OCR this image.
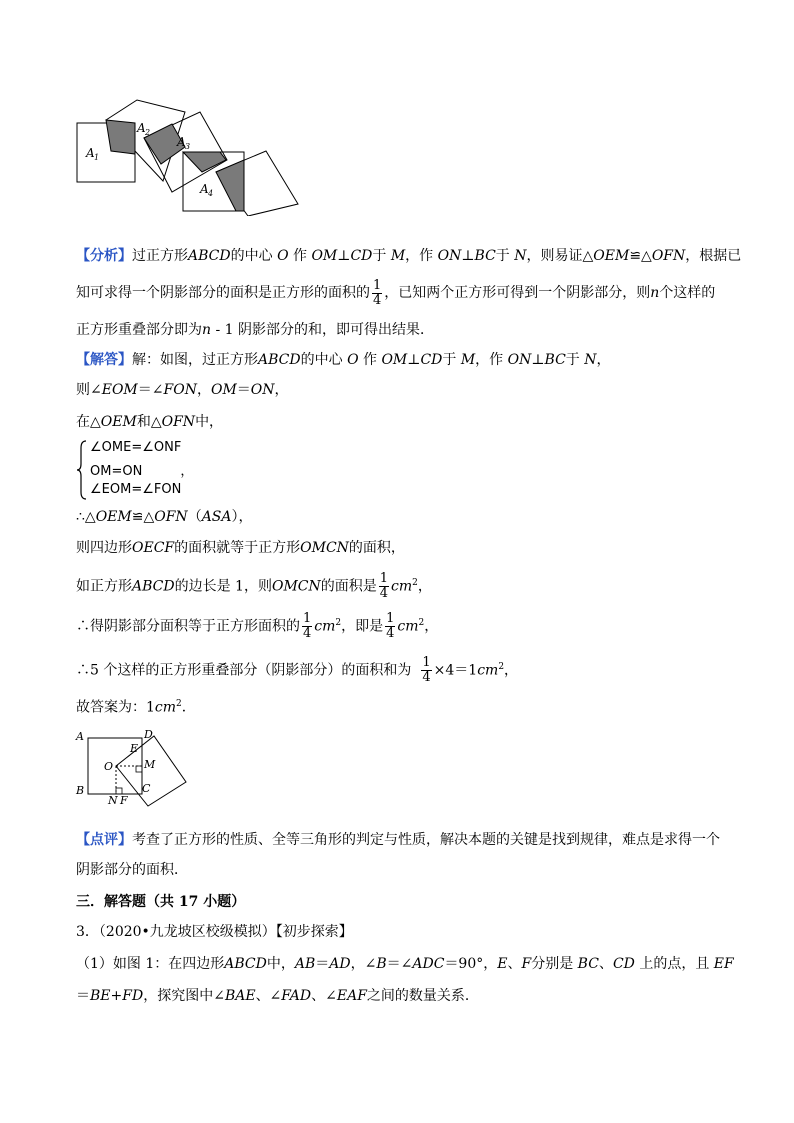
A 1
A 2
A 3
A 4
【分析】过正方形ABCD的中心 O 作 OM⊥CD于 M，作 ON⊥BC于 N，则易证△OEM≌△OFN，根据已
知可求得一个阴影部分的面积是正方形的面积的 $\frac{1}{4}$ ，已知两个正方形可得到一个阴影部分，则n个这样的
正方形重叠部分即为n - 1 阴影部分的和，即可得出结果．
【解答】解：如图，过正方形ABCD的中心 O 作 OM⊥CD于 M，作 ON⊥BC于 N，
则∠EOM＝∠FON，OM＝ON，
在△OEM和△OFN中，
∠OME=∠ONF
OM=ON	，
∠EOM=∠FON
∴△OEM≌△OFN（ASA），
则四边形OECF的面积就等于正方形OMCN的面积，
如正方形ABCD的边长是 1，则OMCN的面积是 $\frac{1}{4} cm^2$，
∴得阴影部分面积等于正方形面积的 $\frac{1}{4} cm^2$，即是 $\frac{1}{4} cm^2$，
∴5 个这样的正方形重叠部分（阴影部分）的面积和为 $\frac{1}{4} \times 4=1cm^2$，
故答案为：$1cm^2$．
A	D
E
O	M
B	C
N F
【点评】考查了正方形的性质、全等三角形的判定与性质，解决本题的关键是找到规律，难点是求得一个
阴影部分的面积．
三．解答题（共 17 小题）
3．（2020•九龙坡区校级模拟）【初步探索】
（1）如图 1：在四边形ABCD中，AB＝AD，∠B＝∠ADC＝90°，E、F分别是 BC、CD 上的点，且 EF
＝BE+FD，探究图中∠BAE、∠FAD、∠EAF之间的数量关系．
